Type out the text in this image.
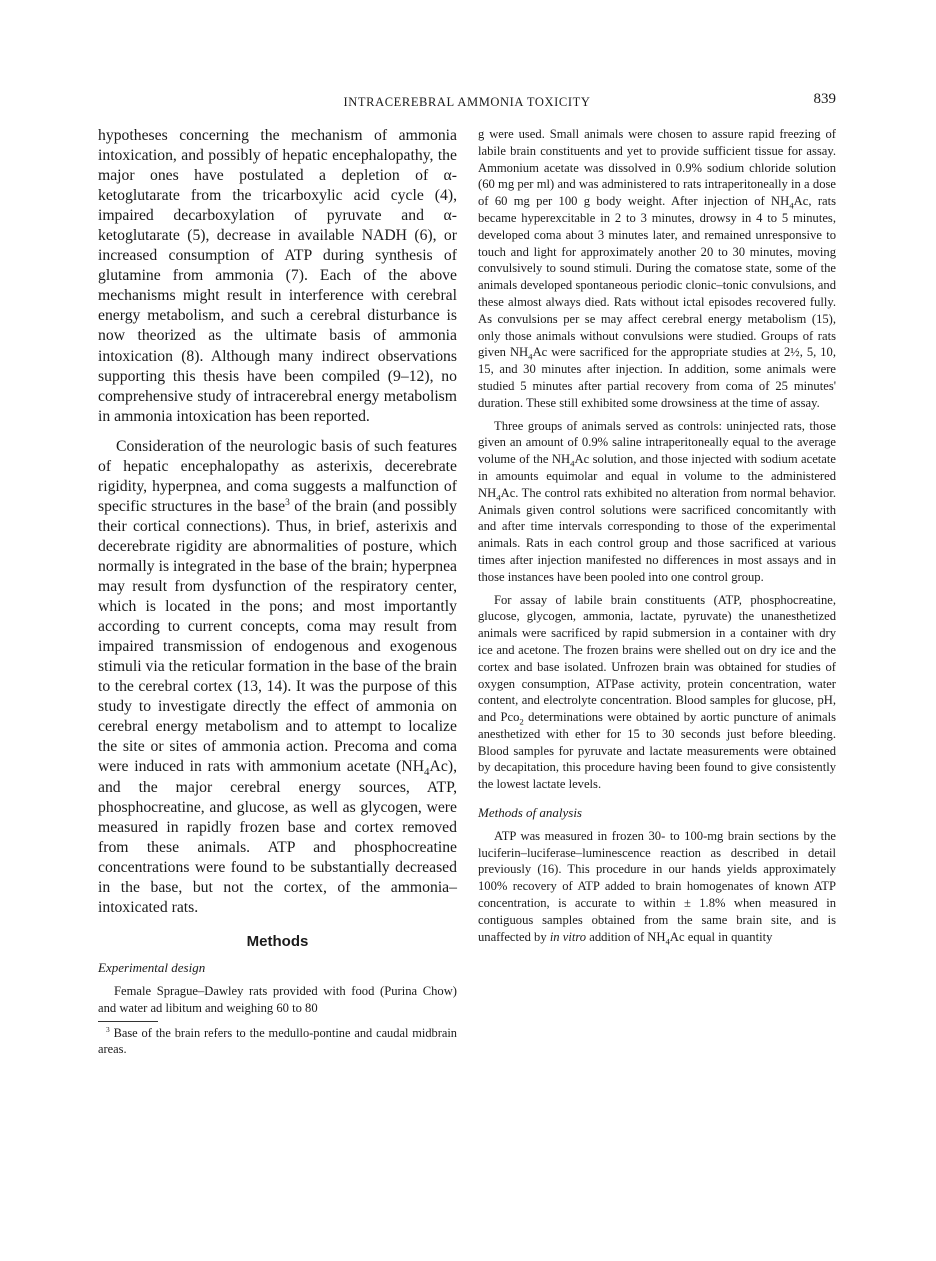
INTRACEREBRAL AMMONIA TOXICITY	839

hypotheses concerning the mechanism of ammonia intoxication, and possibly of hepatic encephalopathy, the major ones have postulated a depletion of α-ketoglutarate from the tricarboxylic acid cycle (4), impaired decarboxylation of pyruvate and α-ketoglutarate (5), decrease in available NADH (6), or increased consumption of ATP during synthesis of glutamine from ammonia (7). Each of the above mechanisms might result in interference with cerebral energy metabolism, and such a cerebral disturbance is now theorized as the ultimate basis of ammonia intoxication (8). Although many indirect observations supporting this thesis have been compiled (9–12), no comprehensive study of intracerebral energy metabolism in ammonia intoxication has been reported.

Consideration of the neurologic basis of such features of hepatic encephalopathy as asterixis, decerebrate rigidity, hyperpnea, and coma suggests a malfunction of specific structures in the base$^3$ of the brain (and possibly their cortical connections). Thus, in brief, asterixis and decerebrate rigidity are abnormalities of posture, which normally is integrated in the base of the brain; hyperpnea may result from dysfunction of the respiratory center, which is located in the pons; and most importantly according to current concepts, coma may result from impaired transmission of endogenous and exogenous stimuli via the reticular formation in the base of the brain to the cerebral cortex (13, 14). It was the purpose of this study to investigate directly the effect of ammonia on cerebral energy metabolism and to attempt to localize the site or sites of ammonia action. Precoma and coma were induced in rats with ammonium acetate $(NH_4Ac)$, and the major cerebral energy sources, ATP, phosphocreatine, and glucose, as well as glycogen, were measured in rapidly frozen base and cortex removed from these animals. ATP and phosphocreatine concentrations were found to be substantially decreased in the base, but not the cortex, of the ammonia–intoxicated rats.

Methods
Experimental design

Female Sprague–Dawley rats provided with food (Purina Chow) and water ad libitum and weighing 60 to 80

$^3$ Base of the brain refers to the medullo-pontine and caudal midbrain areas.

g were used. Small animals were chosen to assure rapid freezing of labile brain constituents and yet to provide sufficient tissue for assay. Ammonium acetate was dissolved in 0.9% sodium chloride solution (60 mg per ml) and was administered to rats intraperitoneally in a dose of 60 mg per 100 g body weight. After injection of $NH_4Ac$, rats became hyperexcitable in 2 to 3 minutes, drowsy in 4 to 5 minutes, developed coma about 3 minutes later, and remained unresponsive to touch and light for approximately another 20 to 30 minutes, moving convulsively to sound stimuli. During the comatose state, some of the animals developed spontaneous periodic clonic–tonic convulsions, and these almost always died. Rats without ictal episodes recovered fully. As convulsions per se may affect cerebral energy metabolism (15), only those animals without convulsions were studied. Groups of rats given $NH_4Ac$ were sacrificed for the appropriate studies at 2½, 5, 10, 15, and 30 minutes after injection. In addition, some animals were studied 5 minutes after partial recovery from coma of 25 minutes' duration. These still exhibited some drowsiness at the time of assay.

Three groups of animals served as controls: uninjected rats, those given an amount of 0.9% saline intraperitoneally equal to the average volume of the $NH_4Ac$ solution, and those injected with sodium acetate in amounts equimolar and equal in volume to the administered $NH_4Ac$. The control rats exhibited no alteration from normal behavior. Animals given control solutions were sacrificed concomitantly with and after time intervals corresponding to those of the experimental animals. Rats in each control group and those sacrificed at various times after injection manifested no differences in most assays and in those instances have been pooled into one control group.

For assay of labile brain constituents (ATP, phosphocreatine, glucose, glycogen, ammonia, lactate, pyruvate) the unanesthetized animals were sacrificed by rapid submersion in a container with dry ice and acetone. The frozen brains were shelled out on dry ice and the cortex and base isolated. Unfrozen brain was obtained for studies of oxygen consumption, ATPase activity, protein concentration, water content, and electrolyte concentration. Blood samples for glucose, pH, and Pco$_2$ determinations were obtained by aortic puncture of animals anesthetized with ether for 15 to 30 seconds just before bleeding. Blood samples for pyruvate and lactate measurements were obtained by decapitation, this procedure having been found to give consistently the lowest lactate levels.

Methods of analysis

ATP was measured in frozen 30- to 100-mg brain sections by the luciferin–luciferase–luminescence reaction as described in detail previously (16). This procedure in our hands yields approximately 100% recovery of ATP added to brain homogenates of known ATP concentration, is accurate to within ± 1.8% when measured in contiguous samples obtained from the same brain site, and is unaffected by in vitro addition of $NH_4Ac$ equal in quantity
